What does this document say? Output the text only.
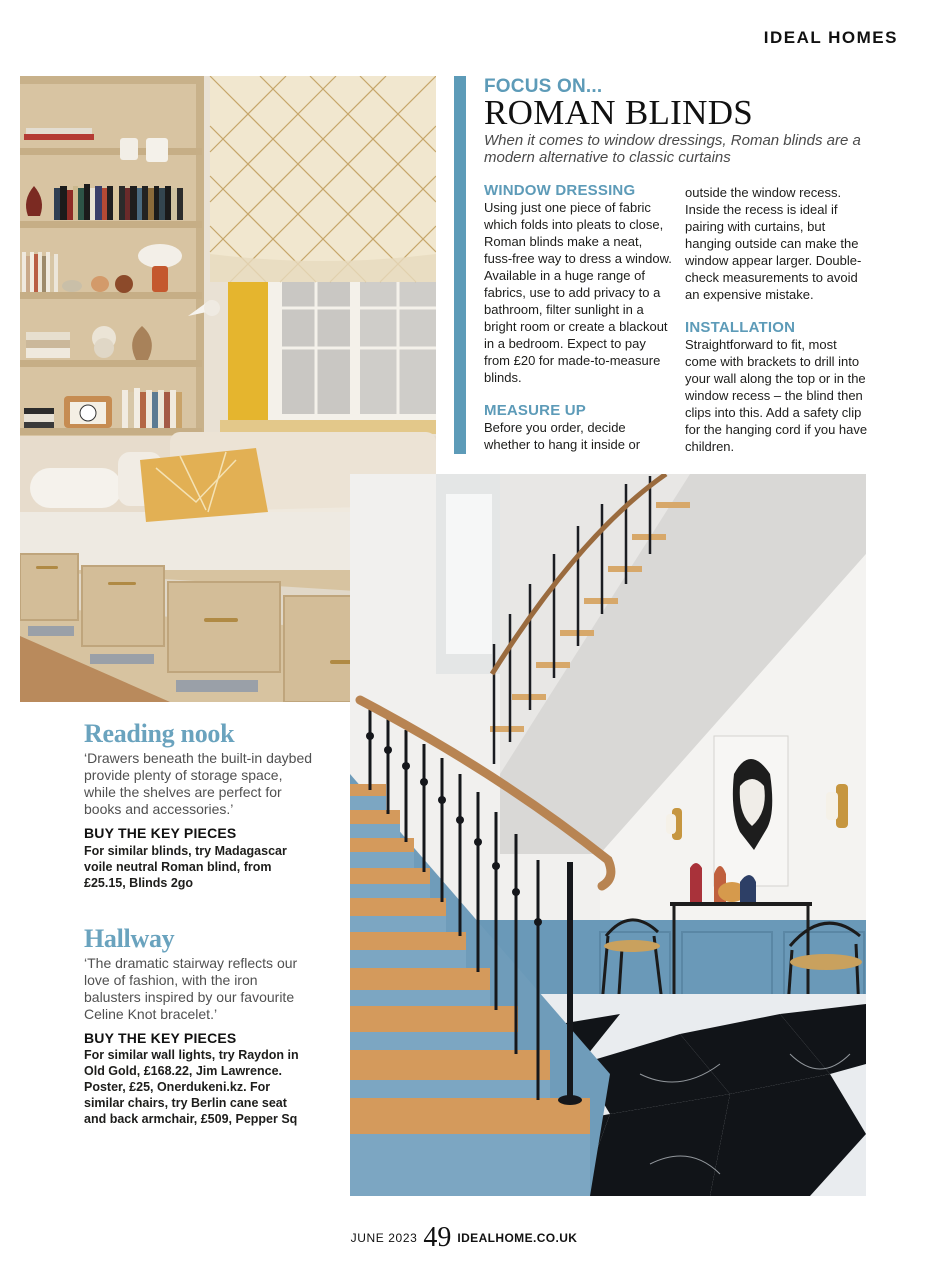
IDEAL HOMES
FOCUS ON...
ROMAN BLINDS
When it comes to window dressings, Roman blinds are a modern alternative to classic curtains
WINDOW DRESSING

Using just one piece of fabric which folds into pleats to close, Roman blinds make a neat, fuss-free way to dress a window. Available in a huge range of fabrics, use to add privacy to a bathroom, filter sunlight in a bright room or create a blackout in a bedroom. Expect to pay from £20 for made-to-measure blinds.

MEASURE UP

Before you order, decide whether to hang it inside or

outside the window recess. Inside the recess is ideal if pairing with curtains, but hanging outside can make the window appear larger. Double-check measurements to avoid an expensive mistake.

INSTALLATION

Straightforward to fit, most come with brackets to drill into your wall along the top or in the window recess – the blind then clips into this. Add a safety clip for the hanging cord if you have children.

Reading nook
‘Drawers beneath the built-in daybed provide plenty of storage space, while the shelves are perfect for books and accessories.’
BUY THE KEY PIECES
For similar blinds, try Madagascar voile neutral Roman blind, from £25.15, Blinds 2go
Hallway
‘The dramatic stairway reflects our love of fashion, with the iron balusters inspired by our favourite Celine Knot bracelet.’
BUY THE KEY PIECES
For similar wall lights, try Raydon in Old Gold, £168.22, Jim Lawrence. Poster, £25, Onerdukeni.kz. For similar chairs, try Berlin cane seat and back armchair, £509, Pepper Sq
JUNE 2023 49 IDEALHOME.CO.UK
